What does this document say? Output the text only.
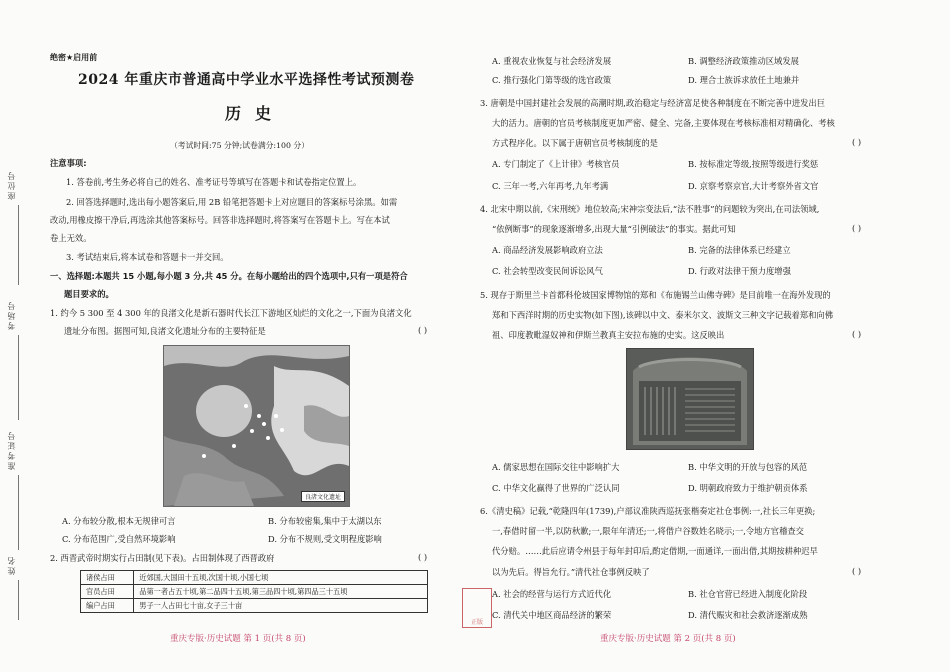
座位号
考场号
准考证号
姓名
绝密★启用前
2024 年重庆市普通高中学业水平选择性考试预测卷
历史
（考试时间:75 分钟;试卷满分:100 分）
注意事项:
1. 答卷前,考生务必将自己的姓名、准考证号等填写在答题卡和试卷指定位置上。
2. 回答选择题时,选出每小题答案后,用 2B 铅笔把答题卡上对应题目的答案标号涂黑。如需
改动,用橡皮擦干净后,再选涂其他答案标号。回答非选择题时,将答案写在答题卡上。写在本试
卷上无效。
3. 考试结束后,将本试卷和答题卡一并交回。
一、选择题:本题共 15 小题,每小题 3 分,共 45 分。在每小题给出的四个选项中,只有一项是符合
题目要求的。
1. 约今 5 300 至 4 300 年的良渚文化是新石器时代长江下游地区灿烂的文化之一,下面为良渚文化
遗址分布图。据图可知,良渚文化遗址分布的主要特征是	( )
良渚文化遗址
A. 分布较分散,根本无规律可言	B. 分布较密集,集中于太湖以东
C. 分布范围广,受自然环境影响	D. 分布不规则,受文明程度影响
2. 西晋武帝时期实行占田制(见下表)。占田制体现了西晋政府	( )
诸侯占田	近郊国,大国田十五顷,次国十顷,小国七顷
官员占田	品第一者占五十顷,第二品四十五顷,第三品四十顷,第四品三十五顷
编户占田	男子一人占田七十亩,女子三十亩
重庆专版·历史试题 第 1 页(共 8 页)
A. 重视农业恢复与社会经济发展	B. 调整经济政策推动区域发展
C. 推行强化门第等级的选官政策	D. 理合士族诉求放任土地兼并
3. 唐朝是中国封建社会发展的高潮时期,政治稳定与经济富足使各种制度在不断完善中进发出巨
大的活力。唐朝的官员考核制度更加严密、健全、完备,主要体现在考核标准相对精确化、考核
方式程序化。以下属于唐朝官员考核制度的是	( )
A. 专门制定了《上计律》考核官员	B. 按标准定等级,按照等级进行奖惩
C. 三年一考,六年再考,九年考满	D. 京察考察京官,大计考察外省文官
4. 北宋中期以前,《宋刑统》地位较高;宋神宗变法后,“法不胜事”的问题较为突出,在司法领域,
“依例断事”的现象逐渐增多,出现大量“引例破法”的事实。据此可知	( )
A. 商品经济发展影响政府立法	B. 完备的法律体系已经建立
C. 社会转型改变民间诉讼风气	D. 行政对法律干预力度增强
5. 现存于斯里兰卡首都科伦坡国家博物馆的郑和《布施锡兰山佛寺碑》是目前唯一在海外发现的
郑和下西洋时期的历史实物(如下图),该碑以中文、泰米尔文、波斯文三种文字记载着郑和向佛
祖、印度教毗湿奴神和伊斯兰教真主安拉布施的史实。这反映出	( )
A. 儒家思想在国际交往中影响扩大	B. 中华文明的开放与包容的风范
C. 中华文化赢得了世界的广泛认同	D. 明朝政府致力于维护朝贡体系
6.《清史稿》记载,“乾隆四年(1739),户部议准陕西巡抚张楷奏定社仓事例:一,社长三年更换;
一,春借时留一半,以防秋歉;一,限年年清还;一,将借户谷数姓名晓示;一,令地方官稽查交
代分赔。……此后应请令州县于每年封印后,酌定借期,一面通详,一面出借,其期按耕种迟早
以为先后。得旨允行。”清代社仓事例反映了	( )
A. 社会的经营与运行方式近代化	B. 社仓官营已经进入制度化阶段
C. 清代关中地区商品经济的繁荣	D. 清代赈灾和社会救济逐渐成熟
正版
重庆专版·历史试题 第 2 页(共 8 页)
